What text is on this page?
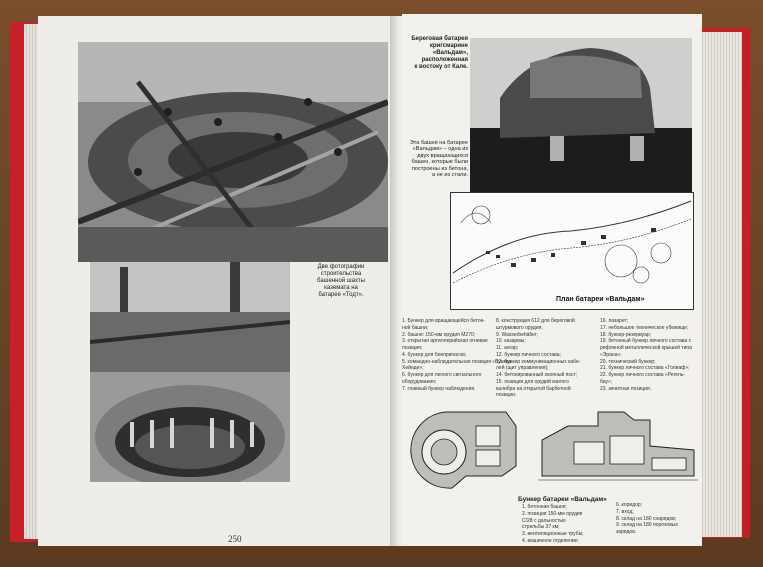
Две фотографии
строительства
башенной шахты
каземата на
батарее «Тодт».
250
Береговая батарея
кригсмарине
«Вальдам»,
расположенная
к востоку от Кале.
Эта башня на батарее
«Вальдам» – одна из
двух вращающихся
башен, которые были
построены из бетона,
а не из стали.
План батареи «Вальдам»
1. Бункер для вращающейся бетон-
ной башни;
2. башня: 150-мм орудия М270;
3. открытая артиллерийская огневая
позиция;
4. бункер для боеприпасов;
5. командно-наблюдательная позиция «Бункер
Хейнде»;
6. бункер для легкого сигнального
оборудования;
7. главный бункер наблюдения.
8. конструкция 612 для береговой
штурмового орудия;
9. Wasserbehälter;
10. казармы;
11. ангар;
12. бункер личного состава;
13. бункер коммуникационных кабе-
лей (щит управления);
14. бетонированный окопный пост;
15. позиция для орудий малого
калибра на открытой барбетной
позиции.
16. лазарет;
17. небольшое техническое убежище;
18. бункер-резервуар;
19. бетонный бункер личного состава с рифленой металлической крышей типа «Эрана»;
20. технический бункер;
21. бункер личного состава «Голиаф»;
22. бункер личного состава «Регель-
бау»;
23. зенитная позиция.
Бункер батареи «Вальдам»
1. бетонная башня;
2. позиция 150-мм орудия
C/28 с дальностью
стрельбы 37 км;
3. вентиляционные трубы;
4. машинное отделение;
6. коридор;
7. вход;
8. склад на 180 снарядов;
9. склад на 180 пороховых
зарядов.
